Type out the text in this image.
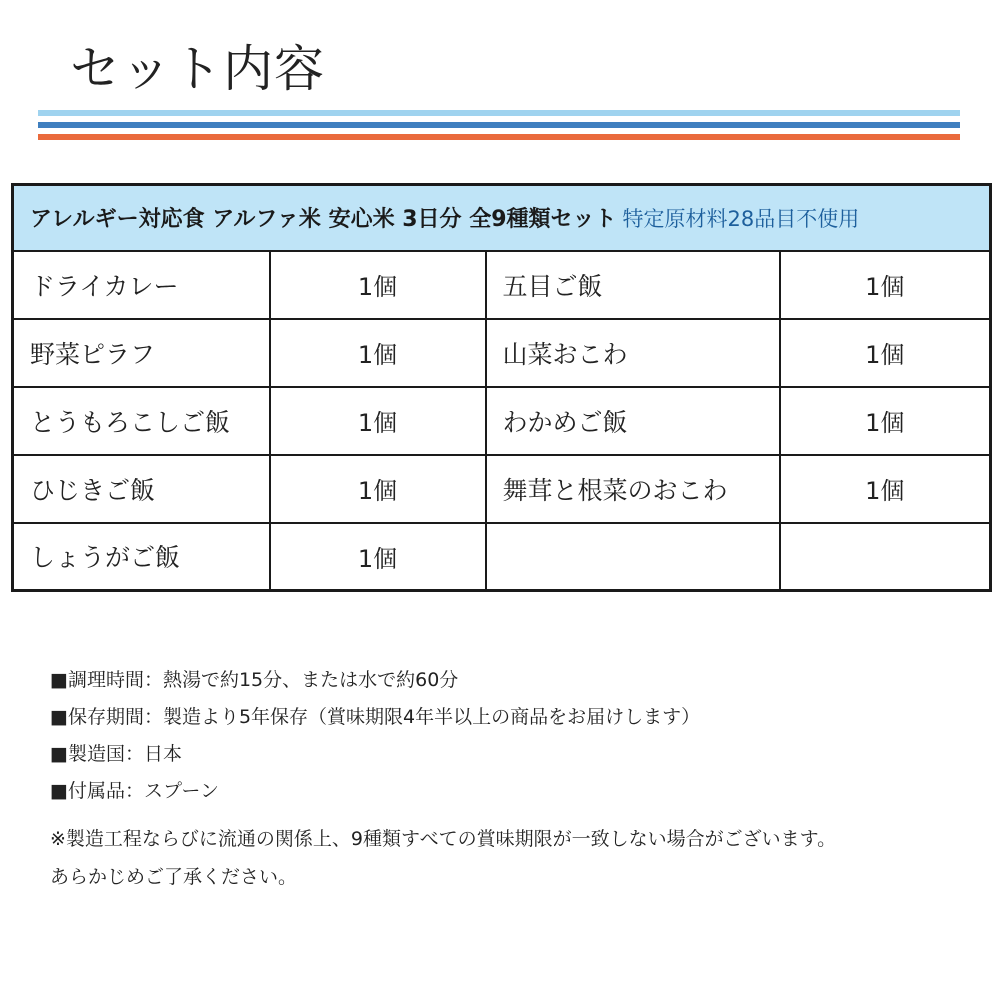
セット内容
アレルギー対応食 アルファ米 安心米 3日分 全9種類セット 特定原材料28品目不使用			
ドライカレー	1個	五目ご飯	1個
野菜ピラフ	1個	山菜おこわ	1個
とうもろこしご飯	1個	わかめご飯	1個
ひじきご飯	1個	舞茸と根菜のおこわ	1個
しょうがご飯	1個		
■調理時間：熱湯で約15分、または水で約60分
■保存期間：製造より5年保存（賞味期限4年半以上の商品をお届けします）
■製造国：日本
■付属品：スプーン
※製造工程ならびに流通の関係上、9種類すべての賞味期限が一致しない場合がございます。
あらかじめご了承ください。
